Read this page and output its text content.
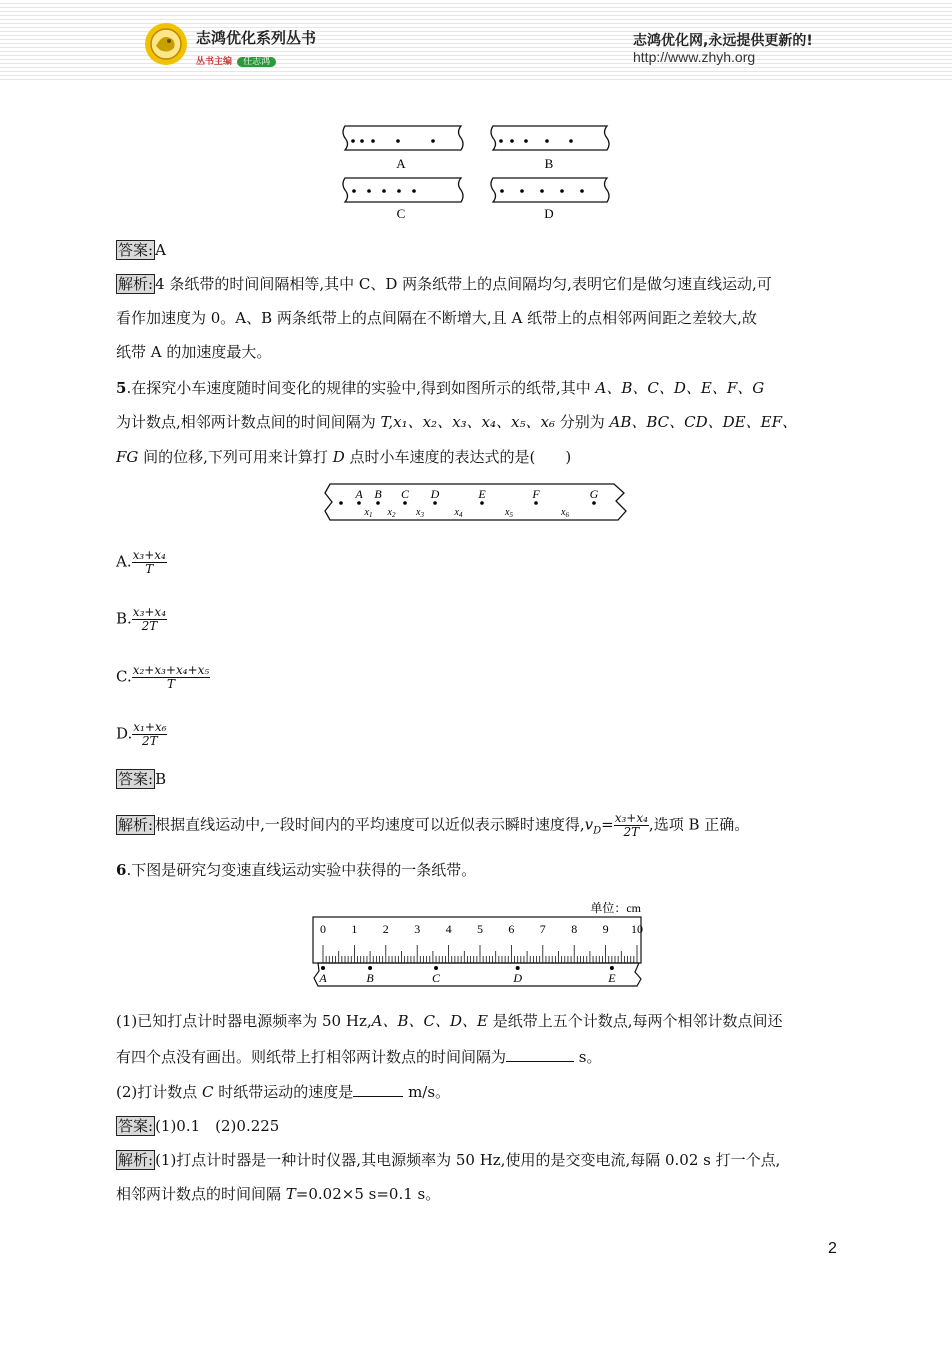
志鸿优化系列丛书
丛书主编 任志鸿
志鸿优化网,永远提供更新的!
http://www.zhyh.org
A	B
C	D
答案: A
解析: 4 条纸带的时间间隔相等,其中 C、D 两条纸带上的点间隔均匀,表明它们是做匀速直线运动,可
看作加速度为 0。A、B 两条纸带上的点间隔在不断增大,且 A 纸带上的点相邻两间距之差较大,故
纸带 A 的加速度最大。
5.在探究小车速度随时间变化的规律的实验中,得到如图所示的纸带,其中 A、B、C、D、E、F、G
为计数点,相邻两计数点间的时间间隔为 T,x₁、x₂、x₃、x₄、x₅、x₆ 分别为 AB、BC、CD、DE、EF、
FG 间的位移,下列可用来计算打 D 点时小车速度的表达式的是(　　)
A B C D	E	F	G
$x_1$ $x_2$ $x_3$	$x_4$	$x_5$	$x_6$
A. $\frac{\text{x₃+x₄}}{T}$
B. $\frac{\text{x₃+x₄}}{2T}$
C. $\frac{\text{x₂+x₃+x₄+x₅}}{T}$
D. $\frac{\text{x₁+x₆}}{2T}$
答案: B
解析: 根据直线运动中,一段时间内的平均速度可以近似表示瞬时速度得$,v_D= \frac{\text{x₃+x₄}}{2T}$ ,选项 B 正确。
6.下图是研究匀变速直线运动实验中获得的一条纸带。
单位：cm
0 1 2 3 4 5 6 7 8 9 10
A	B	C	D	E
(1)已知打点计时器电源频率为 50 Hz,A、B、C、D、E 是纸带上五个计数点,每两个相邻计数点间还
有四个点没有画出。则纸带上打相邻两计数点的时间间隔为	s。
(2)打计数点 C 时纸带运动的速度是	m/s。
答案: (1)0.1　(2)0.225
解析: (1)打点计时器是一种计时仪器,其电源频率为 50 Hz,使用的是交变电流,每隔 0.02 s 打一个点,
相邻两计数点的时间间隔 T=0.02×5 s=0.1 s。
2
